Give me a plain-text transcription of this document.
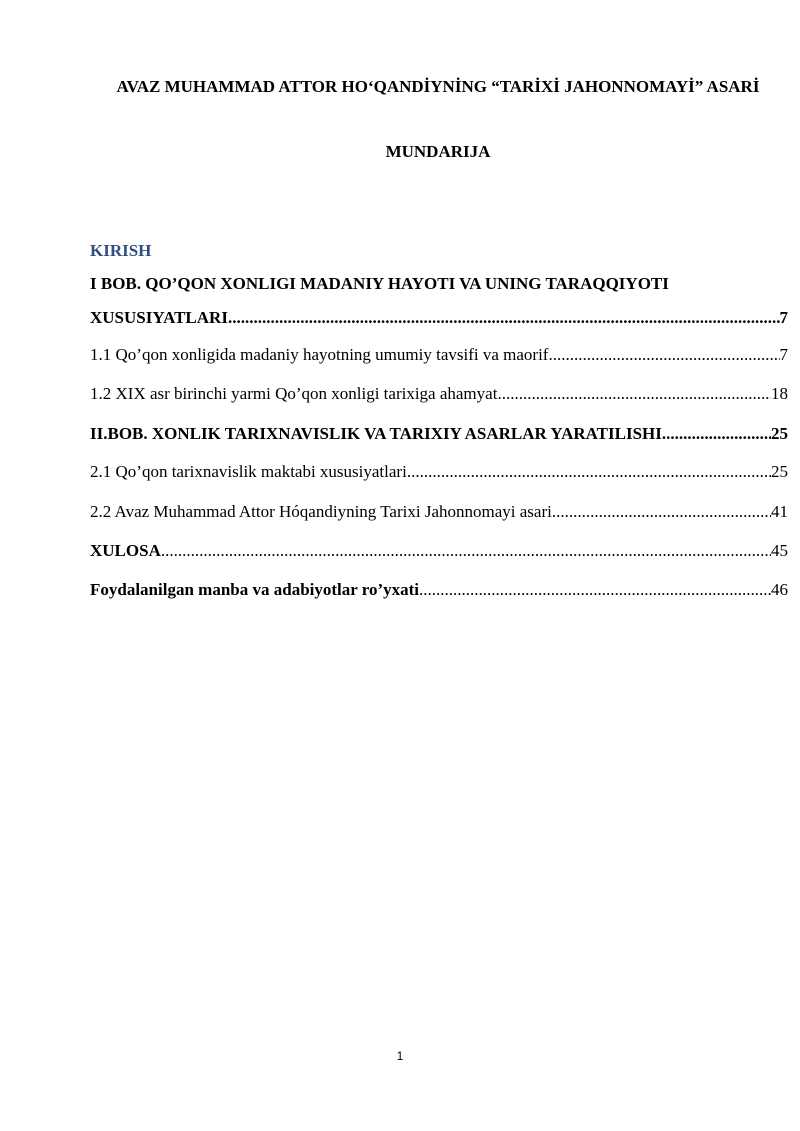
AVAZ MUHAMMAD ATTOR HO‘QANDİYNİNG “TARİXİ JAHONNOMAYİ” ASARİ
MUNDARIJA
KIRISH
I BOB. QO’QON XONLIGI MADANIY HAYOTI VA UNING TARAQQIYOTI
XUSUSIYATLARI .....	7
1.1 Qo’qon xonligida madaniy hayotning umumiy tavsifi va maorif .....	7
1.2 XIX asr birinchi yarmi Qo’qon xonligi tarixiga ahamyat .....	18
II.BOB. XONLIK TARIXNAVISLIK VA TARIXIY ASARLAR YARATILISHI .....	25
2.1 Qo’qon tarixnavislik maktabi xususiyatlari .....	25
2.2 Avaz Muhammad Attor Hóqandiyning Tarixi Jahonnomayi asari .....	41
XULOSA .....	45
Foydalanilgan manba va adabiyotlar ro’yxati .....	46
1
